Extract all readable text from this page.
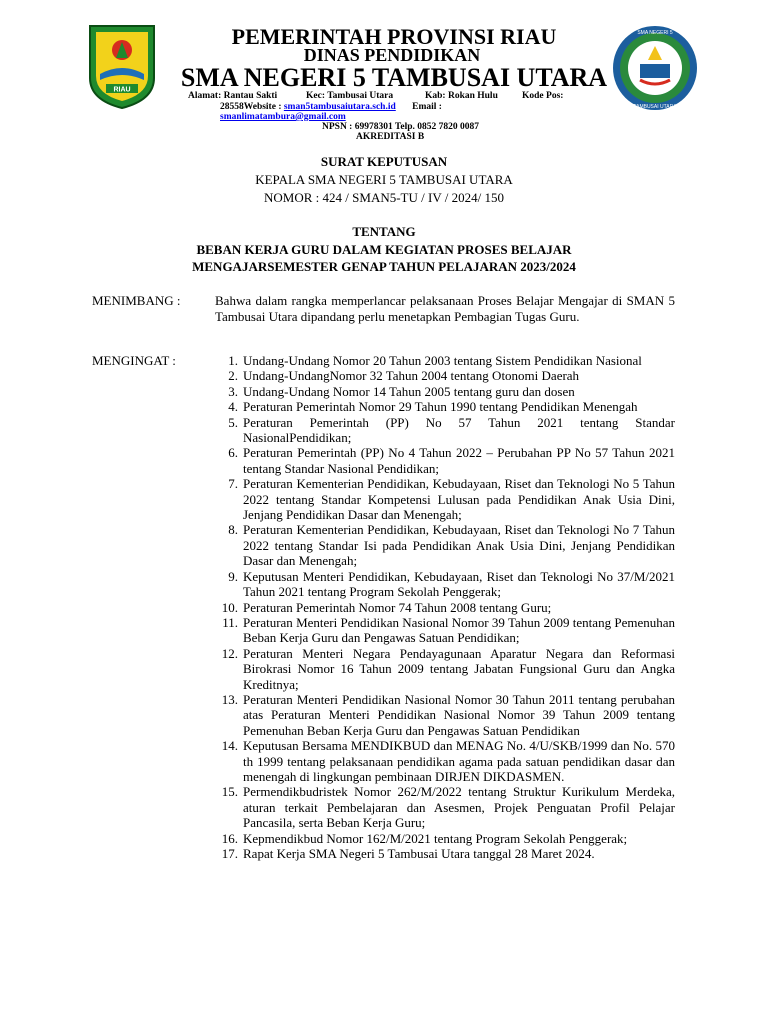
RIAU
SMA NEGERI 5
TAMBUSAI UTARA
PEMERINTAH PROVINSI RIAU
DINAS PENDIDIKAN
SMA NEGERI 5 TAMBUSAI UTARA
Alamat: Rantau Sakti	Kec: Tambusai Utara	Kab: Rokan Hulu	Kode Pos:
28558Website : sman5tambusaiutara.sch.id Email :
smanlimatambura@gmail.com
NPSN : 69978301 Telp. 0852 7820 0087
AKREDITASI B
SURAT KEPUTUSAN
KEPALA SMA NEGERI 5 TAMBUSAI UTARA
NOMOR : 424 / SMAN5-TU / IV / 2024/ 150
TENTANG
BEBAN KERJA GURU DALAM KEGIATAN PROSES BELAJAR
MENGAJARSEMESTER GENAP TAHUN PELAJARAN 2023/2024
MENIMBANG :	Bahwa dalam rangka memperlancar pelaksanaan Proses Belajar Mengajar di SMAN 5 Tambusai Utara dipandang perlu menetapkan Pembagian Tugas Guru.
MENGINGAT :	1. Undang-Undang Nomor 20 Tahun 2003 tentang Sistem Pendidikan Nasional
2. Undang-UndangNomor 32 Tahun 2004 tentang Otonomi Daerah
3. Undang-Undang Nomor 14 Tahun 2005 tentang guru dan dosen
4. Peraturan Pemerintah Nomor 29 Tahun 1990 tentang Pendidikan Menengah
5. Peraturan Pemerintah (PP) No 57 Tahun 2021 tentang Standar NasionalPendidikan;
6. Peraturan Pemerintah (PP) No 4 Tahun 2022 – Perubahan PP No 57 Tahun 2021 tentang Standar Nasional Pendidikan;
7. Peraturan Kementerian Pendidikan, Kebudayaan, Riset dan Teknologi No 5 Tahun 2022 tentang Standar Kompetensi Lulusan pada Pendidikan Anak Usia Dini, Jenjang Pendidikan Dasar dan Menengah;
8. Peraturan Kementerian Pendidikan, Kebudayaan, Riset dan Teknologi No 7 Tahun 2022 tentang Standar Isi pada Pendidikan Anak Usia Dini, Jenjang Pendidikan Dasar dan Menengah;
9. Keputusan Menteri Pendidikan, Kebudayaan, Riset dan Teknologi No 37/M/2021 Tahun 2021 tentang Program Sekolah Penggerak;
10. Peraturan Pemerintah Nomor 74 Tahun 2008 tentang Guru;
11. Peraturan Menteri Pendidikan Nasional Nomor 39 Tahun 2009 tentang Pemenuhan Beban Kerja Guru dan Pengawas Satuan Pendidikan;
12. Peraturan Menteri Negara Pendayagunaan Aparatur Negara dan Reformasi Birokrasi Nomor 16 Tahun 2009 tentang Jabatan Fungsional Guru dan Angka Kreditnya;
13. Peraturan Menteri Pendidikan Nasional Nomor 30 Tahun 2011 tentang perubahan atas Peraturan Menteri Pendidikan Nasional Nomor 39 Tahun 2009 tentang Pemenuhan Beban Kerja Guru dan Pengawas Satuan Pendidikan
14. Keputusan Bersama MENDIKBUD dan MENAG No. 4/U/SKB/1999 dan No. 570 th 1999 tentang pelaksanaan pendidikan agama pada satuan pendidikan dasar dan menengah di lingkungan pembinaan DIRJEN DIKDASMEN.
15. Permendikbudristek Nomor 262/M/2022 tentang Struktur Kurikulum Merdeka, aturan terkait Pembelajaran dan Asesmen, Projek Penguatan Profil Pelajar Pancasila, serta Beban Kerja Guru;
16. Kepmendikbud Nomor 162/M/2021 tentang Program Sekolah Penggerak;
17. Rapat Kerja SMA Negeri 5 Tambusai Utara tanggal 28 Maret 2024.
